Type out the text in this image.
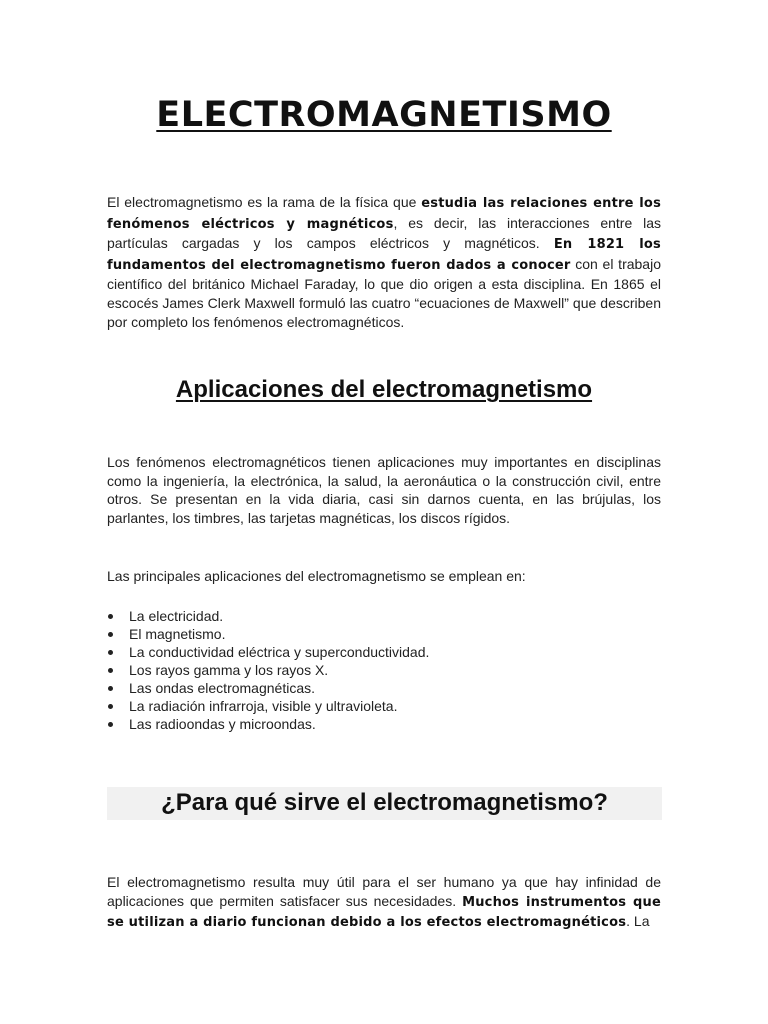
ELECTROMAGNETISMO

El electromagnetismo es la rama de la física que estudia las relaciones entre los fenómenos eléctricos y magnéticos, es decir, las interacciones entre las partículas cargadas y los campos eléctricos y magnéticos. En 1821 los fundamentos del electromagnetismo fueron dados a conocer con el trabajo científico del británico Michael Faraday, lo que dio origen a esta disciplina. En 1865 el escocés James Clerk Maxwell formuló las cuatro “ecuaciones de Maxwell” que describen por completo los fenómenos electromagnéticos.

Aplicaciones del electromagnetismo

Los fenómenos electromagnéticos tienen aplicaciones muy importantes en disciplinas como la ingeniería, la electrónica, la salud, la aeronáutica o la construcción civil, entre otros. Se presentan en la vida diaria, casi sin darnos cuenta, en las brújulas, los parlantes, los timbres, las tarjetas magnéticas, los discos rígidos.

Las principales aplicaciones del electromagnetismo se emplean en:

La electricidad.
El magnetismo.
La conductividad eléctrica y superconductividad.
Los rayos gamma y los rayos X.
Las ondas electromagnéticas.
La radiación infrarroja, visible y ultravioleta.
Las radioondas y microondas.
¿Para qué sirve el electromagnetismo?

El electromagnetismo resulta muy útil para el ser humano ya que hay infinidad de aplicaciones que permiten satisfacer sus necesidades. Muchos instrumentos que se utilizan a diario funcionan debido a los efectos electromagnéticos. La
